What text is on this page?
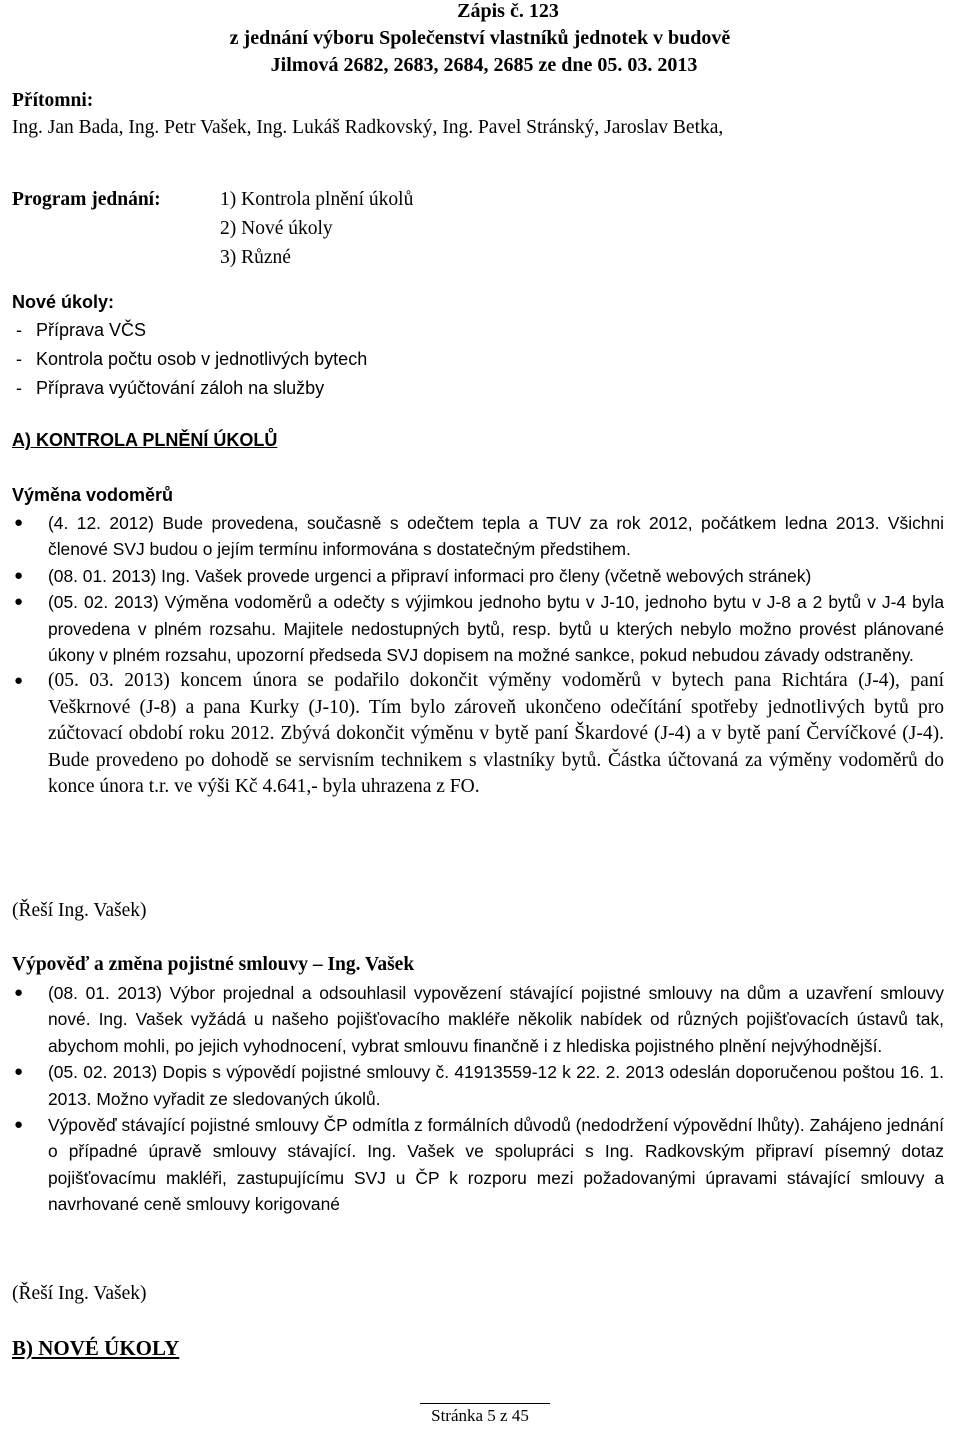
Zápis č. 123
z jednání výboru Společenství vlastníků jednotek v budově
Jilmová 2682, 2683, 2684, 2685 ze dne 05. 03. 2013
Přítomni:
Ing. Jan Bada, Ing. Petr Vašek, Ing. Lukáš Radkovský, Ing. Pavel Stránský, Jaroslav Betka,
Program jednání:	1) Kontrola plnění úkolů
2) Nové úkoly
3) Různé
Nové úkoly:
- Příprava VČS
- Kontrola počtu osob v jednotlivých bytech
- Příprava vyúčtování záloh na služby
A) KONTROLA PLNĚNÍ ÚKOLŮ
Výměna vodoměrů
● (4. 12. 2012) Bude provedena, současně s odečtem tepla a TUV za rok 2012, počátkem ledna 2013. Všichni členové SVJ budou o jejím termínu informována s dostatečným předstihem.
● (08. 01. 2013) Ing. Vašek provede urgenci a připraví informaci pro členy (včetně webových stránek)
● (05. 02. 2013) Výměna vodoměrů a odečty s výjimkou jednoho bytu v J-10, jednoho bytu v J-8 a 2 bytů v J-4 byla provedena v plném rozsahu. Majitele nedostupných bytů, resp. bytů u kterých nebylo možno provést plánované úkony v plném rozsahu, upozorní předseda SVJ dopisem na možné sankce, pokud nebudou závady odstraněny.
● (05. 03. 2013) koncem února se podařilo dokončit výměny vodoměrů v bytech pana Richtára (J-4), paní Veškrnové (J-8) a pana Kurky (J-10). Tím bylo zároveň ukončeno odečítání spotřeby jednotlivých bytů pro zúčtovací období roku 2012. Zbývá dokončit výměnu v bytě paní Škardové (J-4) a v bytě paní Červíčkové (J-4). Bude provedeno po dohodě se servisním technikem s vlastníky bytů. Částka účtovaná za výměny vodoměrů do konce února t.r. ve výši Kč 4.641,- byla uhrazena z FO.
(Řeší Ing. Vašek)
Výpověď a změna pojistné smlouvy – Ing. Vašek
● (08. 01. 2013) Výbor projednal a odsouhlasil vypovězení stávající pojistné smlouvy na dům a uzavření smlouvy nové. Ing. Vašek vyžádá u našeho pojišťovacího makléře několik nabídek od různých pojišťovacích ústavů tak, abychom mohli, po jejich vyhodnocení, vybrat smlouvu finančně i z hlediska pojistného plnění nejvýhodnější.
● (05. 02. 2013) Dopis s výpovědí pojistné smlouvy č. 41913559-12 k 22. 2. 2013 odeslán doporučenou poštou 16. 1. 2013. Možno vyřadit ze sledovaných úkolů.
● Výpověď stávající pojistné smlouvy ČP odmítla z formálních důvodů (nedodržení výpovědní lhůty). Zahájeno jednání o případné úpravě smlouvy stávající. Ing. Vašek ve spolupráci s Ing. Radkovským připraví písemný dotaz pojišťovacímu makléři, zastupujícímu SVJ u ČP k rozporu mezi požadovanými úpravami stávající smlouvy a navrhované ceně smlouvy korigované
(Řeší Ing. Vašek)
B) NOVÉ ÚKOLY
Stránka 5 z 45
